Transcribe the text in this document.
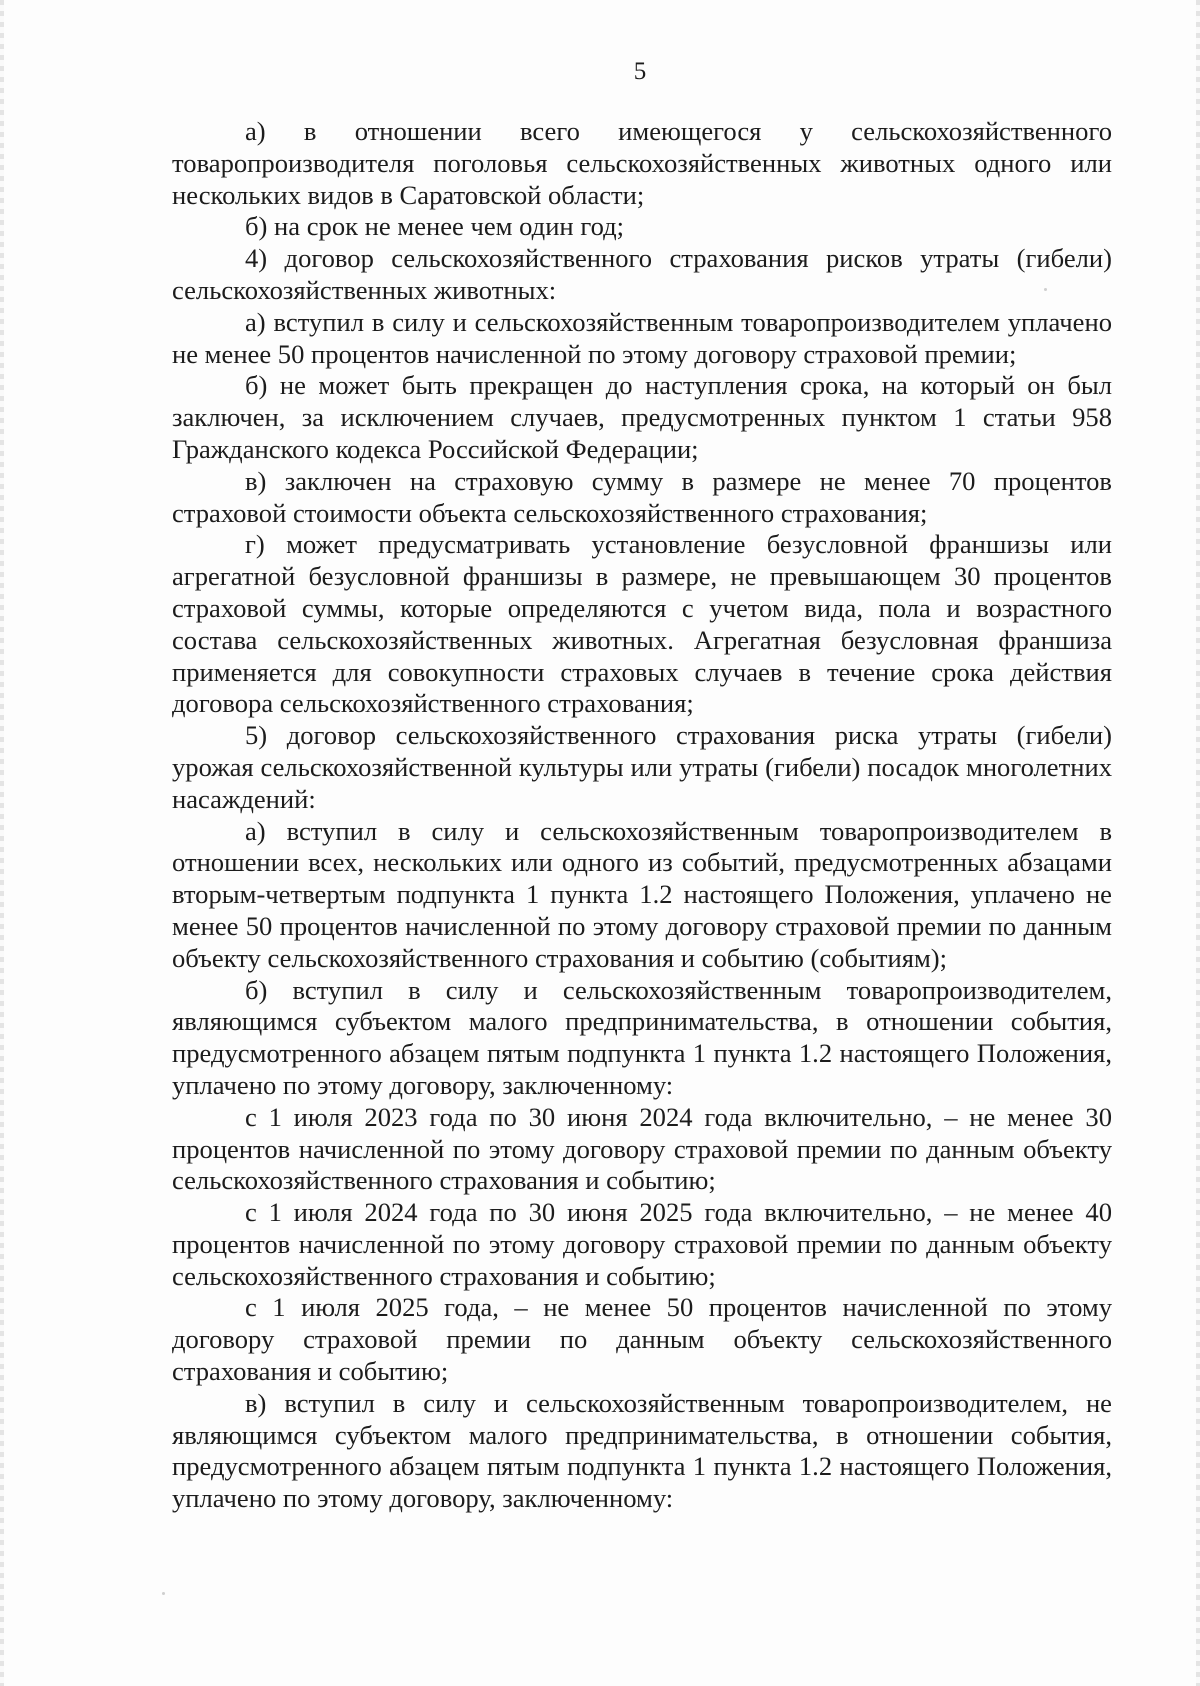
5

а) в отношении всего имеющегося у сельскохозяйственного товаропроизводителя поголовья сельскохозяйственных животных одного или нескольких видов в Саратовской области;

б) на срок не менее чем один год;

4) договор сельскохозяйственного страхования рисков утраты (гибели) сельскохозяйственных животных:

а) вступил в силу и сельскохозяйственным товаропроизводителем уплачено не менее 50 процентов начисленной по этому договору страховой премии;

б) не может быть прекращен до наступления срока, на который он был заключен, за исключением случаев, предусмотренных пунктом 1 статьи 958 Гражданского кодекса Российской Федерации;

в) заключен на страховую сумму в размере не менее 70 процентов страховой стоимости объекта сельскохозяйственного страхования;

г) может предусматривать установление безусловной франшизы или агрегатной безусловной франшизы в размере, не превышающем 30 процентов страховой суммы, которые определяются с учетом вида, пола и возрастного состава сельскохозяйственных животных. Агрегатная безусловная франшиза применяется для совокупности страховых случаев в течение срока действия договора сельскохозяйственного страхования;

5) договор сельскохозяйственного страхования риска утраты (гибели) урожая сельскохозяйственной культуры или утраты (гибели) посадок многолетних насаждений:

а) вступил в силу и сельскохозяйственным товаропроизводителем в отношении всех, нескольких или одного из событий, предусмотренных абзацами вторым-четвертым подпункта 1 пункта 1.2 настоящего Положения, уплачено не менее 50 процентов начисленной по этому договору страховой премии по данным объекту сельскохозяйственного страхования и событию (событиям);

б) вступил в силу и сельскохозяйственным товаропроизводителем, являющимся субъектом малого предпринимательства, в отношении события, предусмотренного абзацем пятым подпункта 1 пункта 1.2 настоящего Положения, уплачено по этому договору, заключенному:

с 1 июля 2023 года по 30 июня 2024 года включительно, – не менее 30 процентов начисленной по этому договору страховой премии по данным объекту сельскохозяйственного страхования и событию;

с 1 июля 2024 года по 30 июня 2025 года включительно, – не менее 40 процентов начисленной по этому договору страховой премии по данным объекту сельскохозяйственного страхования и событию;

с 1 июля 2025 года, – не менее 50 процентов начисленной по этому договору страховой премии по данным объекту сельскохозяйственного страхования и событию;

в) вступил в силу и сельскохозяйственным товаропроизводителем, не являющимся субъектом малого предпринимательства, в отношении события, предусмотренного абзацем пятым подпункта 1 пункта 1.2 настоящего Положения, уплачено по этому договору, заключенному:
